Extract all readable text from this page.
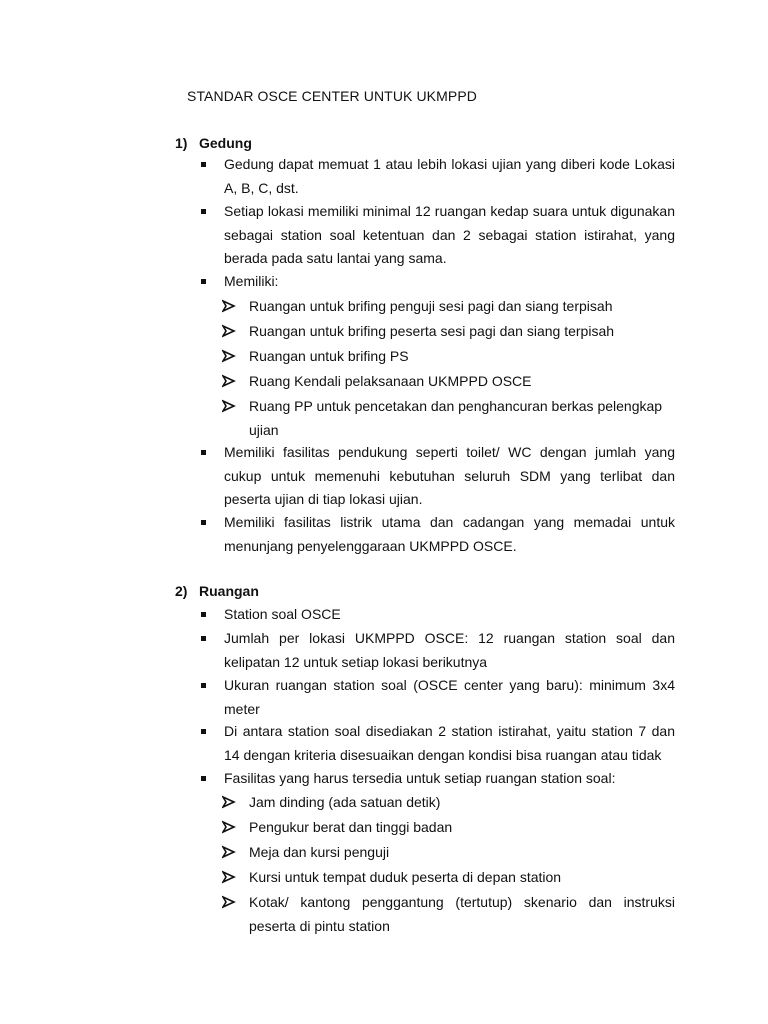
STANDAR OSCE CENTER UNTUK UKMPPD
1) Gedung
Gedung dapat memuat 1 atau lebih lokasi ujian yang diberi kode Lokasi A, B, C, dst.
Setiap lokasi memiliki minimal 12 ruangan kedap suara untuk digunakan sebagai station soal ketentuan dan 2 sebagai station istirahat, yang berada pada satu lantai yang sama.
Memiliki:
Ruangan untuk brifing penguji sesi pagi dan siang terpisah
Ruangan untuk brifing peserta sesi pagi dan siang terpisah
Ruangan untuk brifing PS
Ruang Kendali pelaksanaan UKMPPD OSCE
Ruang PP untuk pencetakan dan penghancuran berkas pelengkap ujian
Memiliki fasilitas pendukung seperti toilet/ WC dengan jumlah yang cukup untuk memenuhi kebutuhan seluruh SDM yang terlibat dan peserta ujian di tiap lokasi ujian.
Memiliki fasilitas listrik utama dan cadangan yang memadai untuk menunjang penyelenggaraan UKMPPD OSCE.
2) Ruangan
Station soal OSCE
Jumlah per lokasi UKMPPD OSCE: 12 ruangan station soal dan kelipatan 12 untuk setiap lokasi berikutnya
Ukuran ruangan station soal (OSCE center yang baru): minimum 3x4 meter
Di antara station soal disediakan 2 station istirahat, yaitu station 7 dan 14 dengan kriteria disesuaikan dengan kondisi bisa ruangan atau tidak
Fasilitas yang harus tersedia untuk setiap ruangan station soal:
Jam dinding (ada satuan detik)
Pengukur berat dan tinggi badan
Meja dan kursi penguji
Kursi untuk tempat duduk peserta di depan station
Kotak/ kantong penggantung (tertutup) skenario dan instruksi peserta di pintu station
